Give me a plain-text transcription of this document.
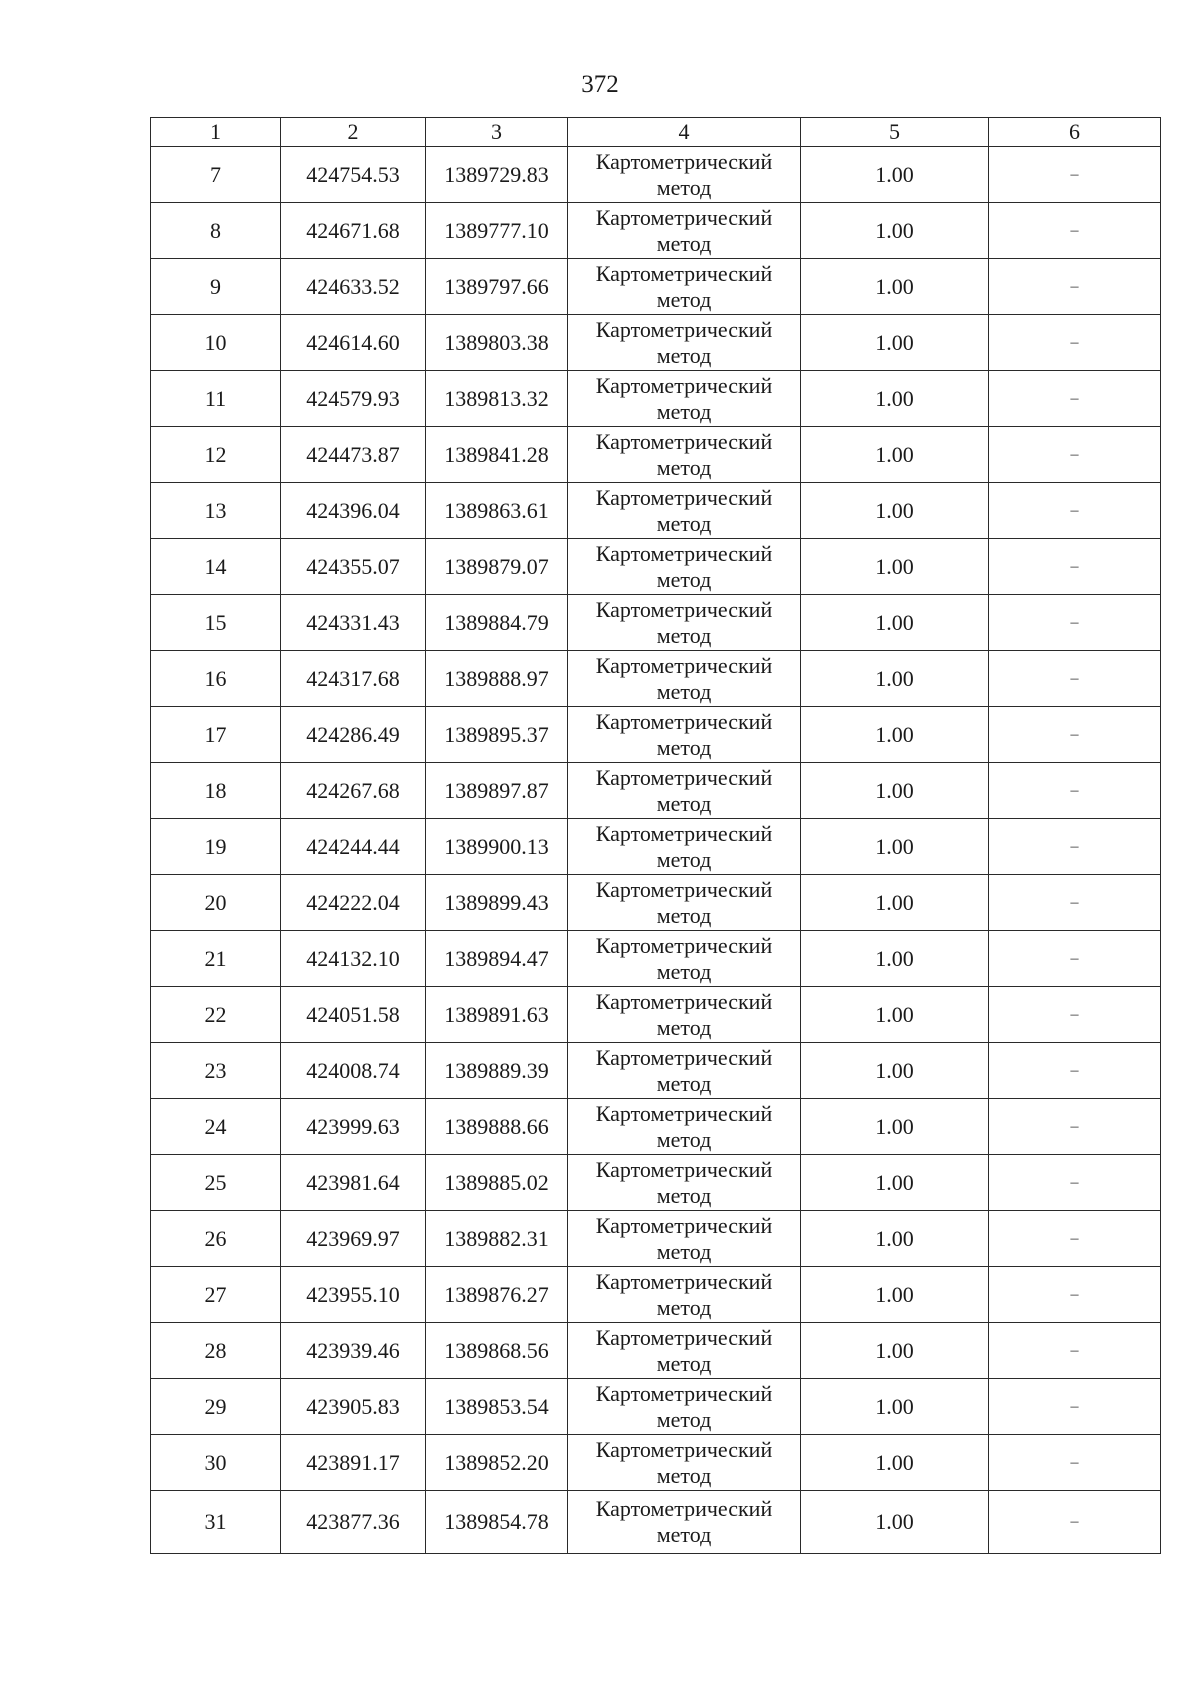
372
1	2	3	4	5	6
7	424754.53	1389729.83	Картометрический метод	1.00	–
8	424671.68	1389777.10	Картометрический метод	1.00	–
9	424633.52	1389797.66	Картометрический метод	1.00	–
10	424614.60	1389803.38	Картометрический метод	1.00	–
11	424579.93	1389813.32	Картометрический метод	1.00	–
12	424473.87	1389841.28	Картометрический метод	1.00	–
13	424396.04	1389863.61	Картометрический метод	1.00	–
14	424355.07	1389879.07	Картометрический метод	1.00	–
15	424331.43	1389884.79	Картометрический метод	1.00	–
16	424317.68	1389888.97	Картометрический метод	1.00	–
17	424286.49	1389895.37	Картометрический метод	1.00	–
18	424267.68	1389897.87	Картометрический метод	1.00	–
19	424244.44	1389900.13	Картометрический метод	1.00	–
20	424222.04	1389899.43	Картометрический метод	1.00	–
21	424132.10	1389894.47	Картометрический метод	1.00	–
22	424051.58	1389891.63	Картометрический метод	1.00	–
23	424008.74	1389889.39	Картометрический метод	1.00	–
24	423999.63	1389888.66	Картометрический метод	1.00	–
25	423981.64	1389885.02	Картометрический метод	1.00	–
26	423969.97	1389882.31	Картометрический метод	1.00	–
27	423955.10	1389876.27	Картометрический метод	1.00	–
28	423939.46	1389868.56	Картометрический метод	1.00	–
29	423905.83	1389853.54	Картометрический метод	1.00	–
30	423891.17	1389852.20	Картометрический метод	1.00	–
31	423877.36	1389854.78	Картометрический метод	1.00	–
